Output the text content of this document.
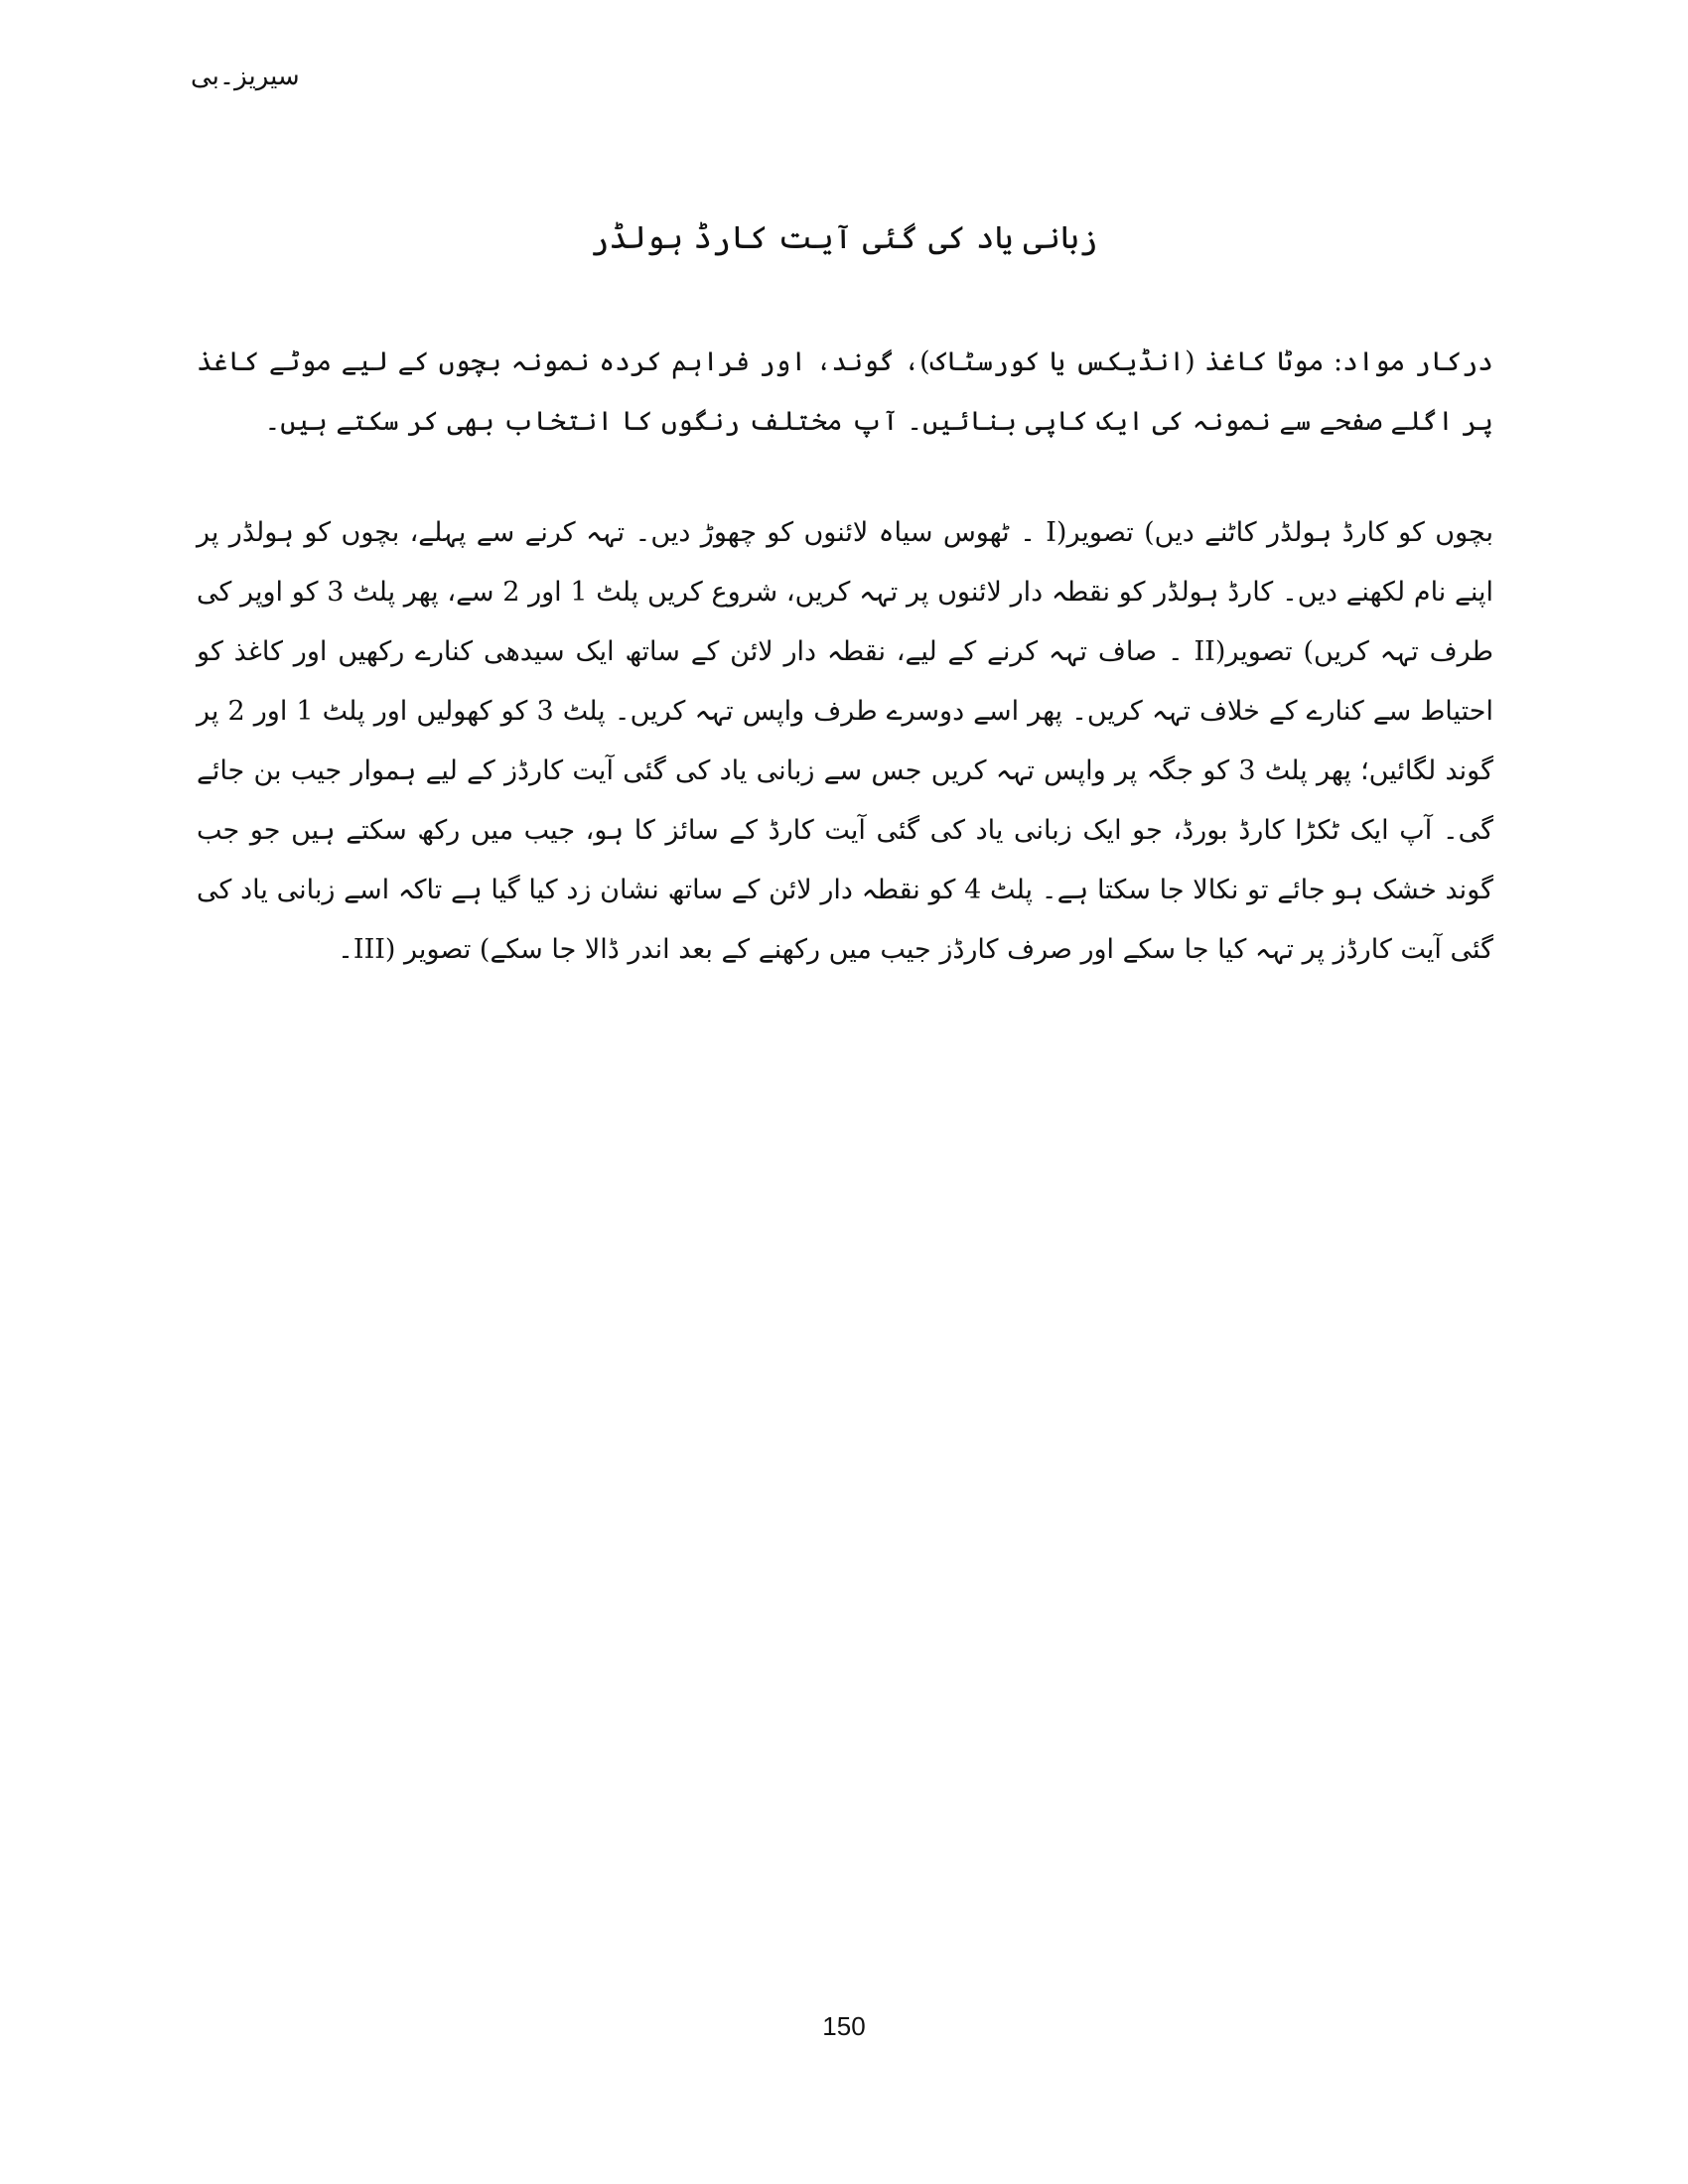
سیریز۔بی
زبانی یاد کی گئی آیت کارڈ ہولڈر

درکار مواد: موٹا کاغذ (انڈیکس یا کورسٹاک)، گوند، اور فراہم کردہ نمونہ بچوں کے لیے موٹے کاغذ پر اگلے صفحے سے نمونہ کی ایک کاپی بنائیں۔ آپ مختلف رنگوں کا انتخاب بھی کر سکتے ہیں۔

بچوں کو کارڈ ہولڈر کاٹنے دیں) تصویر(I ۔ ٹھوس سیاہ لائنوں کو چھوڑ دیں۔ تہہ کرنے سے پہلے، بچوں کو ہولڈر پر اپنے نام لکھنے دیں۔ کارڈ ہولڈر کو نقطہ دار لائنوں پر تہہ کریں، شروع کریں پلٹ 1 اور 2 سے، پھر پلٹ 3 کو اوپر کی طرف تہہ کریں) تصویر(II ۔ صاف تہہ کرنے کے لیے، نقطہ دار لائن کے ساتھ ایک سیدھی کنارے رکھیں اور کاغذ کو احتیاط سے کنارے کے خلاف تہہ کریں۔ پھر اسے دوسرے طرف واپس تہہ کریں۔ پلٹ 3 کو کھولیں اور پلٹ 1 اور 2 پر گوند لگائیں؛ پھر پلٹ 3 کو جگہ پر واپس تہہ کریں جس سے زبانی یاد کی گئی آیت کارڈز کے لیے ہموار جیب بن جائے گی۔ آپ ایک ٹکڑا کارڈ بورڈ، جو ایک زبانی یاد کی گئی آیت کارڈ کے سائز کا ہو، جیب میں رکھ سکتے ہیں جو جب گوند خشک ہو جائے تو نکالا جا سکتا ہے۔ پلٹ 4 کو نقطہ دار لائن کے ساتھ نشان زد کیا گیا ہے تاکہ اسے زبانی یاد کی گئی آیت کارڈز پر تہہ کیا جا سکے اور صرف کارڈز جیب میں رکھنے کے بعد اندر ڈالا جا سکے) تصویر (III۔

150
